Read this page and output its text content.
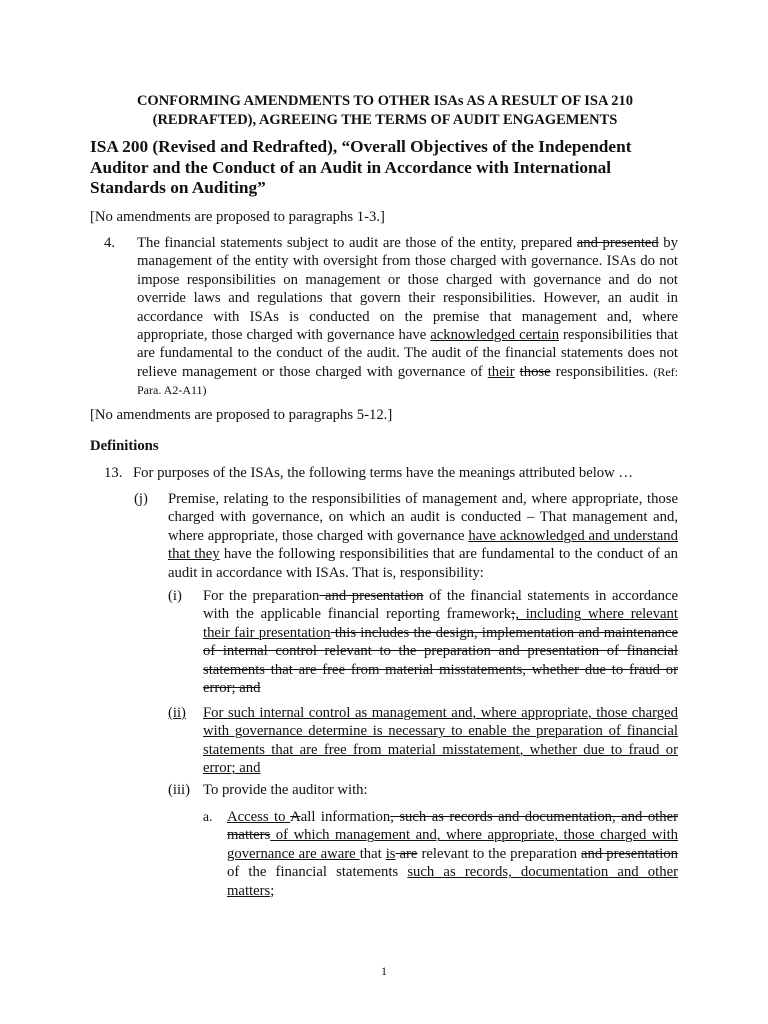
CONFORMING AMENDMENTS TO OTHER ISAs AS A RESULT OF ISA 210
(REDRAFTED), AGREEING THE TERMS OF AUDIT ENGAGEMENTS
ISA 200 (Revised and Redrafted), “Overall Objectives of the Independent Auditor and the Conduct of an Audit in Accordance with International Standards on Auditing”
[No amendments are proposed to paragraphs 1-3.]
4. The financial statements subject to audit are those of the entity, prepared and presented by management of the entity with oversight from those charged with governance. ISAs do not impose responsibilities on management or those charged with governance and do not override laws and regulations that govern their responsibilities. However, an audit in accordance with ISAs is conducted on the premise that management and, where appropriate, those charged with governance have acknowledged certain responsibilities that are fundamental to the conduct of the audit. The audit of the financial statements does not relieve management or those charged with governance of their those responsibilities. (Ref: Para. A2-A11)
[No amendments are proposed to paragraphs 5-12.]
Definitions
13. For purposes of the ISAs, the following terms have the meanings attributed below …
(j) Premise, relating to the responsibilities of management and, where appropriate, those charged with governance, on which an audit is conducted – That management and, where appropriate, those charged with governance have acknowledged and understand that they have the following responsibilities that are fundamental to the conduct of an audit in accordance with ISAs. That is, responsibility:
(i) For the preparation and presentation of the financial statements in accordance with the applicable financial reporting framework;, including where relevant their fair presentation this includes the design, implementation and maintenance of internal control relevant to the preparation and presentation of financial statements that are free from material misstatements, whether due to fraud or error; and
(ii) For such internal control as management and, where appropriate, those charged with governance determine is necessary to enable the preparation of financial statements that are free from material misstatement, whether due to fraud or error; and
(iii) To provide the auditor with:
a. Access to Aall information, such as records and documentation, and other matters of which management and, where appropriate, those charged with governance are aware that is are relevant to the preparation and presentation of the financial statements such as records, documentation and other matters;
1
